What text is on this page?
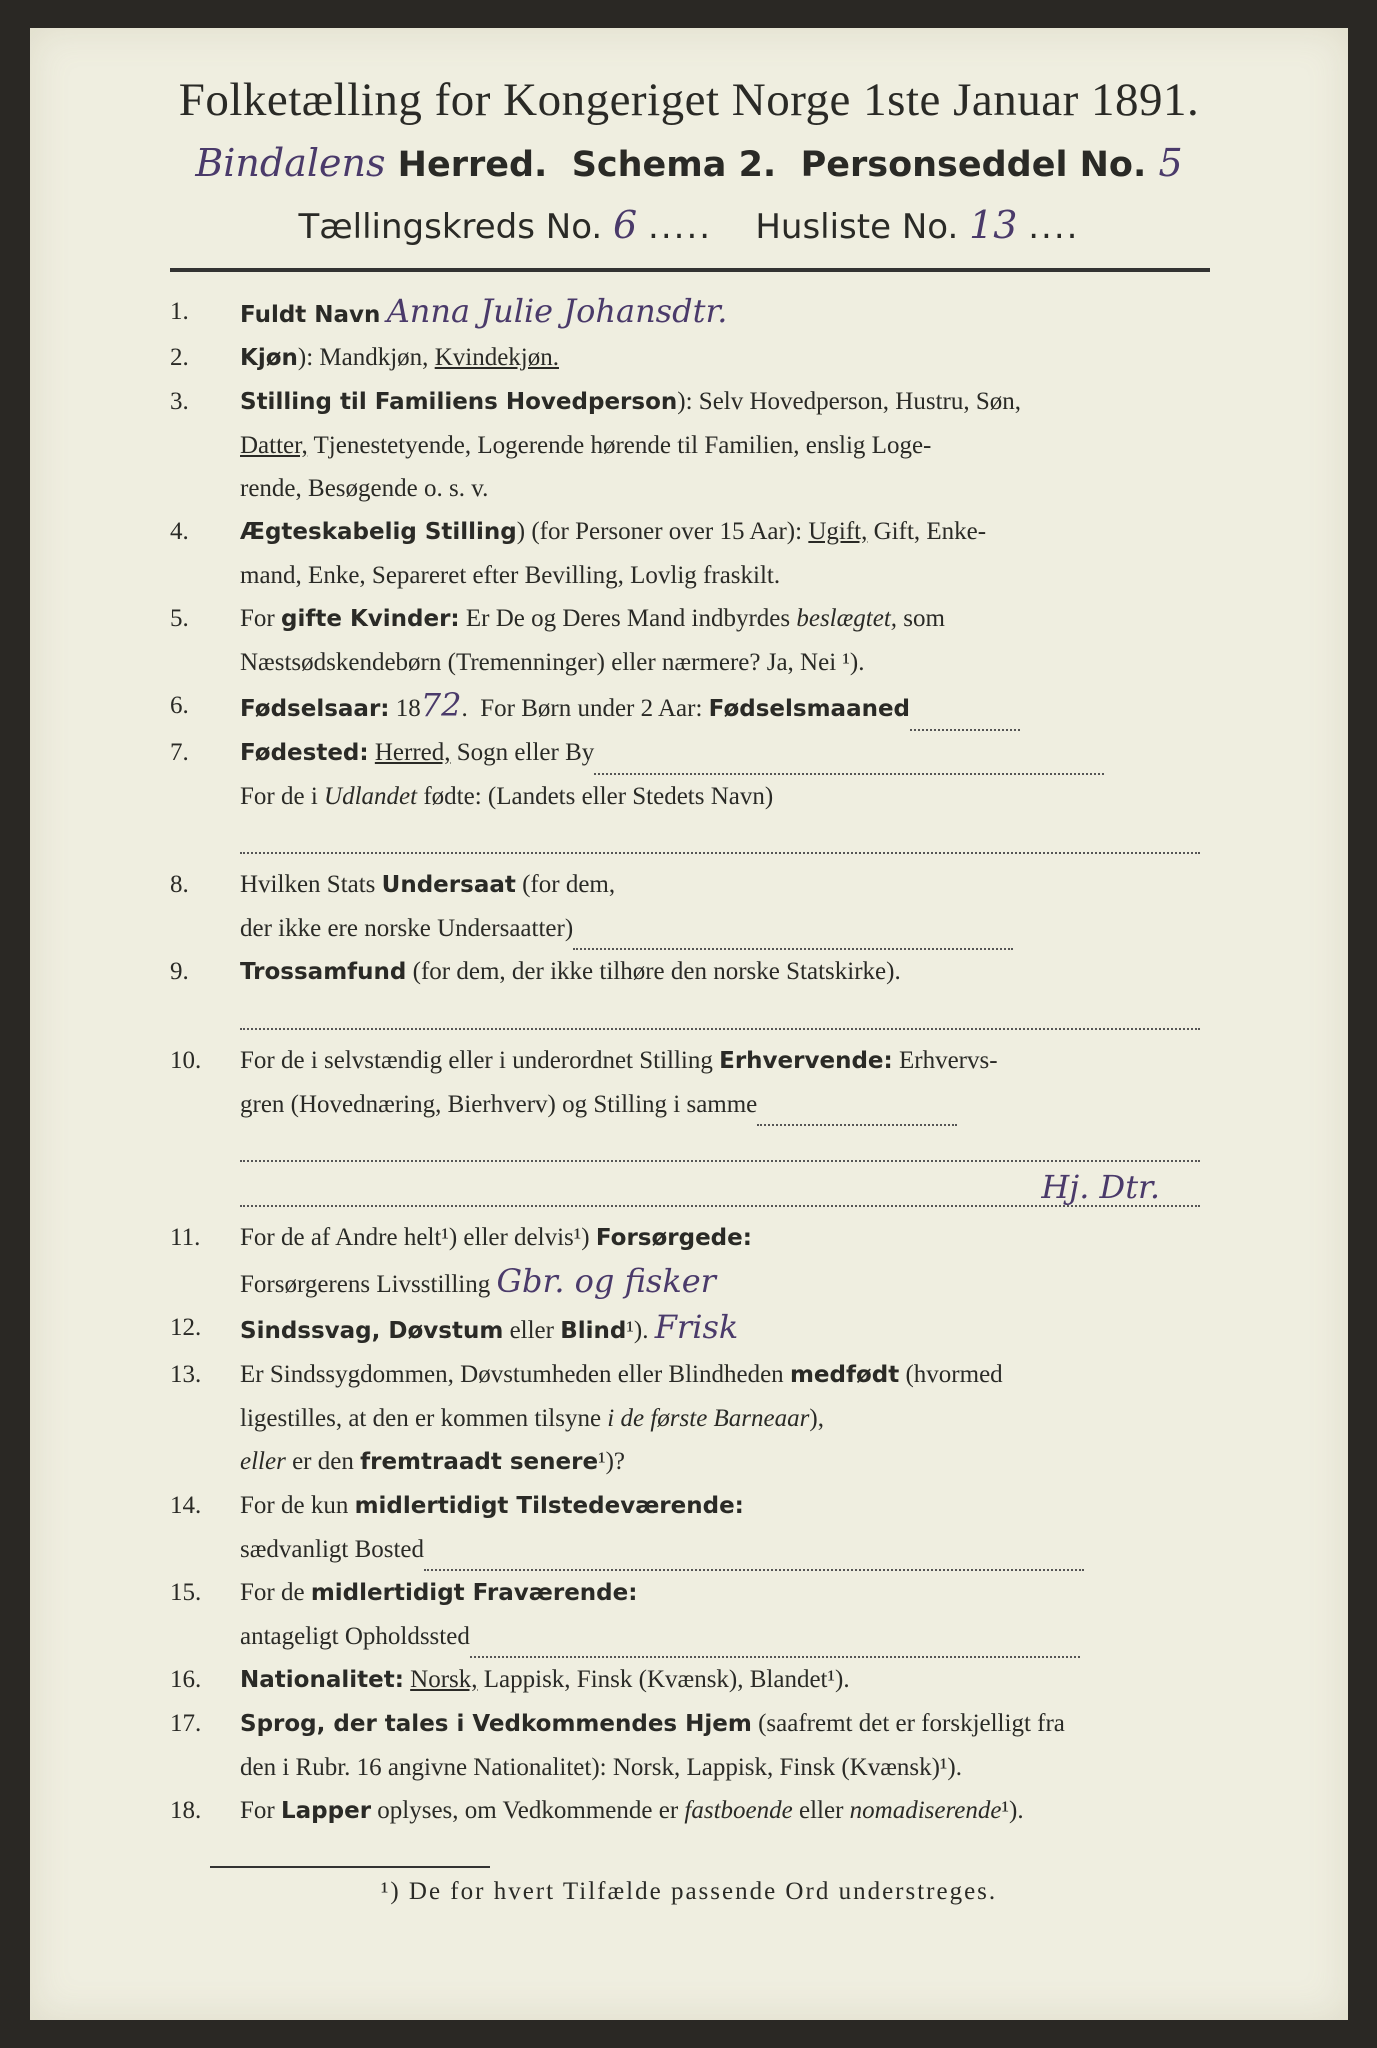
Folketælling for Kongeriget Norge 1ste Januar 1891.
Bindalens Herred. Schema 2. Personseddel No. 5
Tællingskreds No. 6 ..... Husliste No. 13 ....
1.	Fuldt Navn Anna Julie Johansdtr.
2.	Kjøn): Mandkjøn, Kvindekjøn.
3.	Stilling til Familiens Hovedperson): Selv Hovedperson, Hustru, Søn,
Datter, Tjenestetyende, Logerende hørende til Familien, enslig Loge-
rende, Besøgende o. s. v.
4.	Ægteskabelig Stilling) (for Personer over 15 Aar): Ugift, Gift, Enke-
mand, Enke, Separeret efter Bevilling, Lovlig fraskilt.
5.	For gifte Kvinder: Er De og Deres Mand indbyrdes beslægtet, som
Næstsødskendebørn (Tremenninger) eller nærmere? Ja, Nei ¹).
6.	Fødselsaar: 1872.  For Børn under 2 Aar: Fødselsmaaned
7.	Fødested: Herred, Sogn eller By
For de i Udlandet fødte: (Landets eller Stedets Navn)
8.	Hvilken Stats Undersaat (for dem,
der ikke ere norske Undersaatter)
9.	Trossamfund (for dem, der ikke tilhøre den norske Statskirke).
10.	For de i selvstændig eller i underordnet Stilling Erhvervende: Erhvervs-
gren (Hovednæring, Bierhverv) og Stilling i samme
Hj. Dtr.
11.	For de af Andre helt¹) eller delvis¹) Forsørgede:
Forsørgerens Livsstilling Gbr. og fisker
12.	Sindssvag, Døvstum eller Blind¹). Frisk
13.	Er Sindssygdommen, Døvstumheden eller Blindheden medfødt (hvormed
ligestilles, at den er kommen tilsyne i de første Barneaar),
eller er den fremtraadt senere¹)?
14.	For de kun midlertidigt Tilstedeværende:
sædvanligt Bosted
15.	For de midlertidigt Fraværende:
antageligt Opholdssted
16.	Nationalitet: Norsk, Lappisk, Finsk (Kvænsk), Blandet¹).
17.	Sprog, der tales i Vedkommendes Hjem (saafremt det er forskjelligt fra
den i Rubr. 16 angivne Nationalitet): Norsk, Lappisk, Finsk (Kvænsk)¹).
18.	For Lapper oplyses, om Vedkommende er fastboende eller nomadiserende¹).
¹) De for hvert Tilfælde passende Ord understreges.
